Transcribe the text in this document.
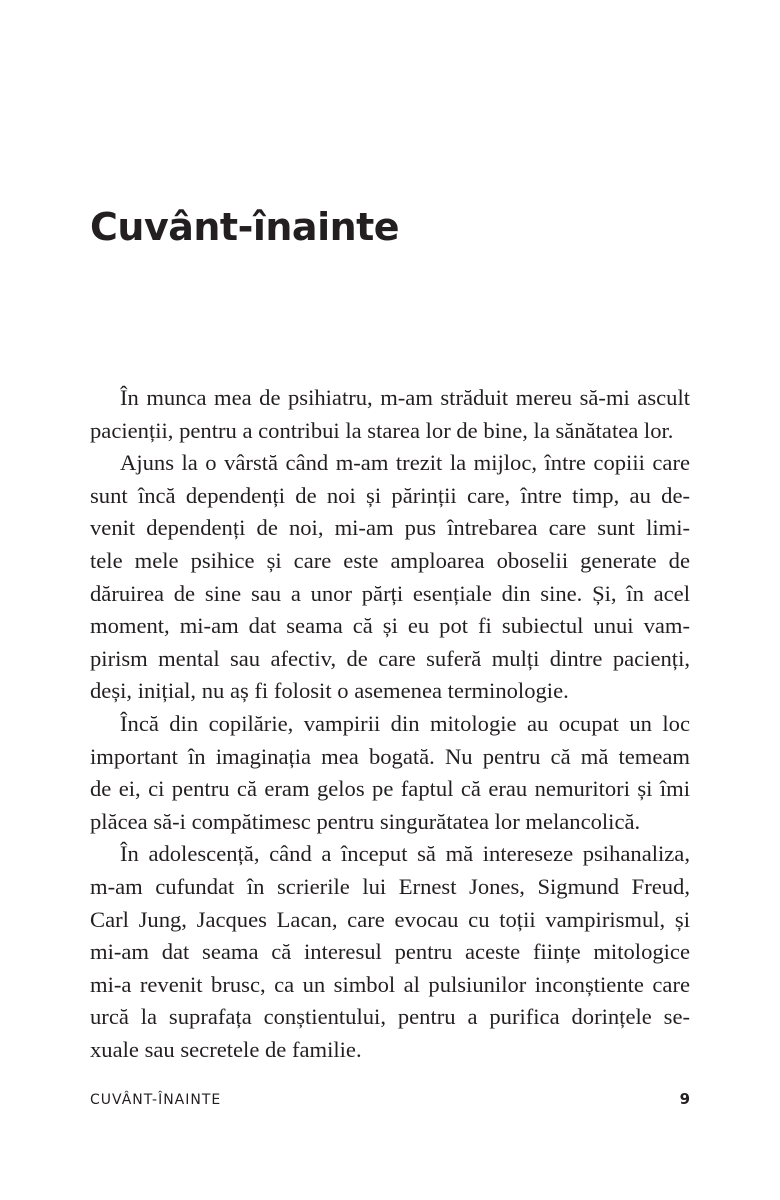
Cuvânt-înainte
În munca mea de psihiatru, m-am străduit mereu să-mi ascult
pacienții, pentru a contribui la starea lor de bine, la sănătatea lor.
Ajuns la o vârstă când m-am trezit la mijloc, între copiii care
sunt încă dependenți de noi și părinții care, între timp, au de-
venit dependenți de noi, mi-am pus întrebarea care sunt limi-
tele mele psihice și care este amploarea oboselii generate de
dăruirea de sine sau a unor părți esențiale din sine. Și, în acel
moment, mi-am dat seama că și eu pot fi subiectul unui vam-
pirism mental sau afectiv, de care suferă mulți dintre pacienți,
deși, inițial, nu aș fi folosit o asemenea terminologie.
Încă din copilărie, vampirii din mitologie au ocupat un loc
important în imaginația mea bogată. Nu pentru că mă temeam
de ei, ci pentru că eram gelos pe faptul că erau nemuritori și îmi
plăcea să-i compătimesc pentru singurătatea lor melancolică.
În adolescență, când a început să mă intereseze psihanaliza,
m-am cufundat în scrierile lui Ernest Jones, Sigmund Freud,
Carl Jung, Jacques Lacan, care evocau cu toții vampirismul, și
mi-am dat seama că interesul pentru aceste ființe mitologice
mi-a revenit brusc, ca un simbol al pulsiunilor inconștiente care
urcă la suprafața conștientului, pentru a purifica dorințele se-
xuale sau secretele de familie.
CUVÂNT-ÎNAINTE	9
